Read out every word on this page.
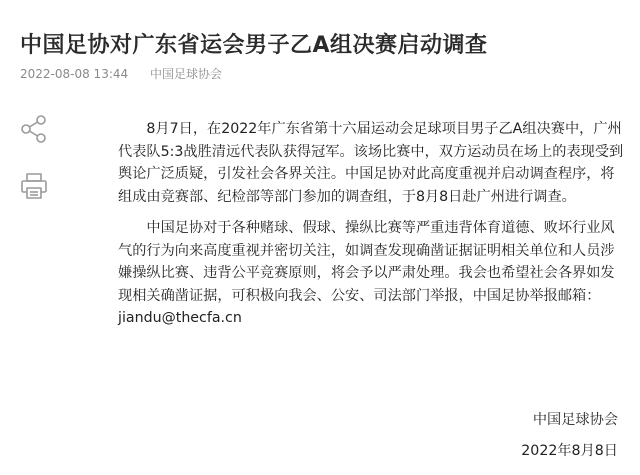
中国足协对广东省运会男子乙A组决赛启动调查
2022-08-08 13:44 中国足球协会

8月7日，在2022年广东省第十六届运动会足球项目男子乙A组决赛中，广州代表队5:3战胜清远代表队获得冠军。该场比赛中，双方运动员在场上的表现受到舆论广泛质疑，引发社会各界关注。中国足协对此高度重视并启动调查程序，将组成由竞赛部、纪检部等部门参加的调查组，于8月8日赴广州进行调查。

中国足协对于各种赌球、假球、操纵比赛等严重违背体育道德、败坏行业风气的行为向来高度重视并密切关注，如调查发现确凿证据证明相关单位和人员涉嫌操纵比赛、违背公平竞赛原则，将会予以严肃处理。我会也希望社会各界如发现相关确凿证据，可积极向我会、公安、司法部门举报，中国足协举报邮箱：

jiandu@thecfa.cn

中国足球协会
2022年8月8日
